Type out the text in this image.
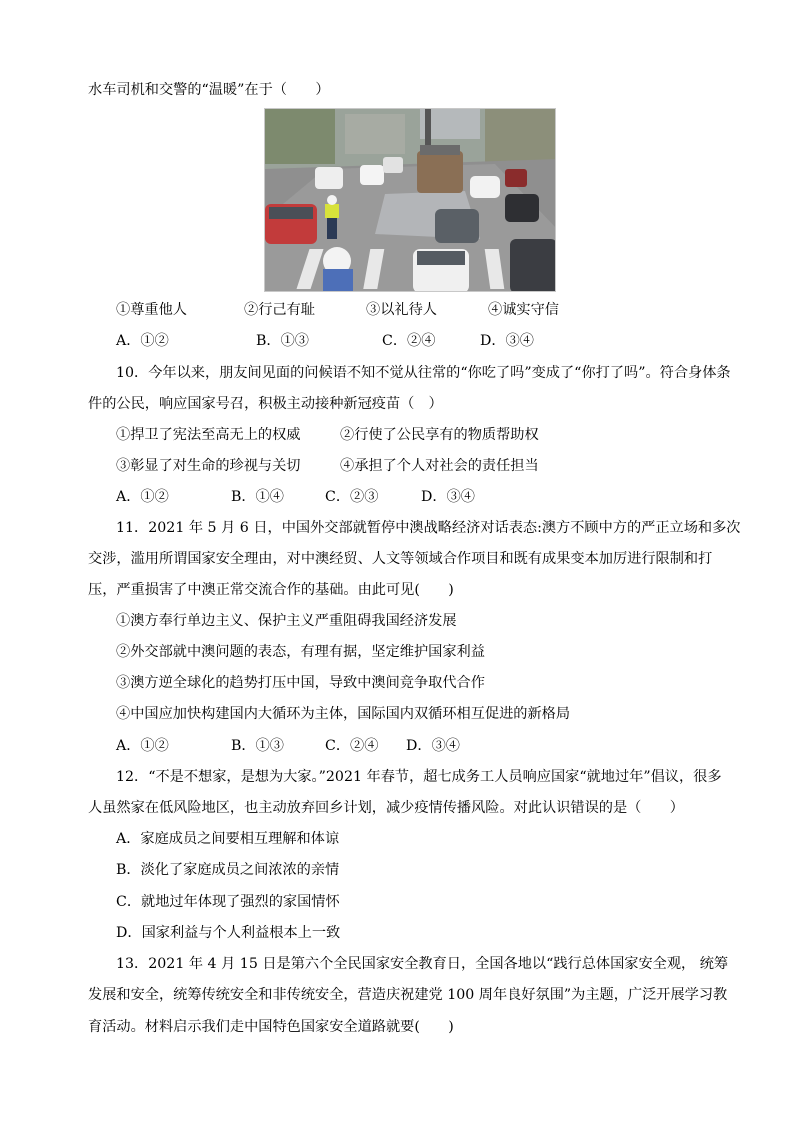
水车司机和交警的“温暖”在于（　　）
①尊重他人	②行己有耻	③以礼待人	④诚实守信
A．①②	B．①③	C．②④	D．③④
10．今年以来，朋友间见面的问候语不知不觉从往常的“你吃了吗”变成了“你打了吗”。符合身体条
件的公民，响应国家号召，积极主动接种新冠疫苗（　）
①捍卫了宪法至高无上的权威	②行使了公民享有的物质帮助权
③彰显了对生命的珍视与关切	④承担了个人对社会的责任担当
A．①②	B．①④	C．②③	D．③④
11．2021 年 5 月 6 日，中国外交部就暂停中澳战略经济对话表态:澳方不顾中方的严正立场和多次
交涉，滥用所谓国家安全理由，对中澳经贸、人文等领域合作项目和既有成果变本加厉进行限制和打
压，严重损害了中澳正常交流合作的基础。由此可见(　　)
①澳方奉行单边主义、保护主义严重阻碍我国经济发展
②外交部就中澳问题的表态，有理有据，坚定维护国家利益
③澳方逆全球化的趋势打压中国，导致中澳间竞争取代合作
④中国应加快构建国内大循环为主体，国际国内双循环相互促进的新格局
A．①②	B．①③	C．②④ D．③④
12．“不是不想家，是想为大家。”2021 年春节，超七成务工人员响应国家“就地过年”倡议，很多
人虽然家在低风险地区，也主动放弃回乡计划，减少疫情传播风险。对此认识错误的是（　　）
A．家庭成员之间要相互理解和体谅
B．淡化了家庭成员之间浓浓的亲情
C．就地过年体现了强烈的家国情怀
D．国家利益与个人利益根本上一致
13．2021 年 4 月 15 日是第六个全民国家安全教育日，全国各地以“践行总体国家安全观， 统筹
发展和安全，统筹传统安全和非传统安全，营造庆祝建党 100 周年良好氛围”为主题，广泛开展学习教
育活动。材料启示我们走中国特色国家安全道路就要(　　)
